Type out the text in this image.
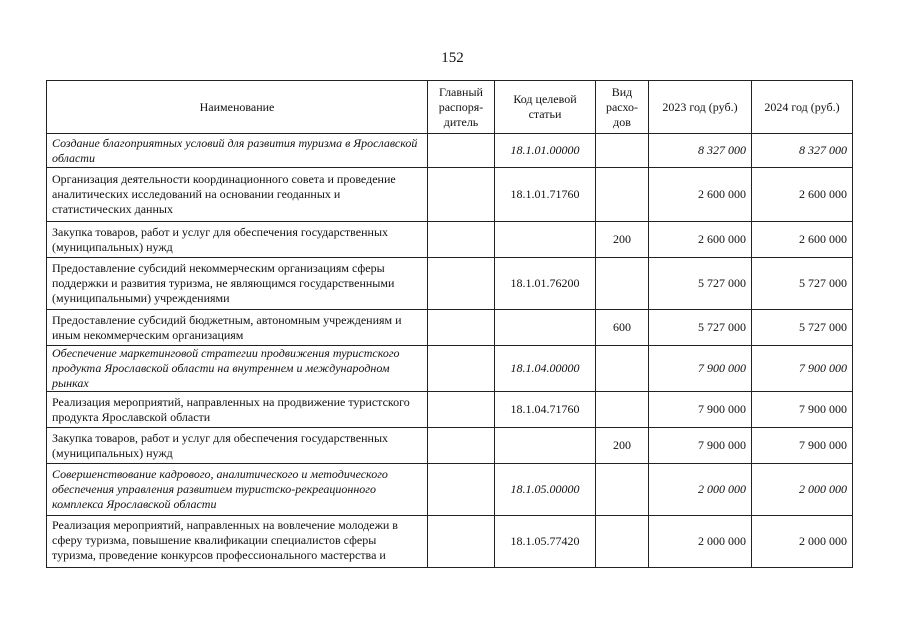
152
Наименование	Главный распоря- дитель	Код целевой статьи	Вид расхо- дов	2023 год (руб.)	2024 год (руб.)
Создание благоприятных условий для развития туризма в Ярославской области		18.1.01.00000		8 327 000	8 327 000
Организация деятельности координационного совета и проведение аналитических исследований на основании геоданных и статистических данных		18.1.01.71760		2 600 000	2 600 000
Закупка товаров, работ и услуг для обеспечения государственных (муниципальных) нужд			200	2 600 000	2 600 000
Предоставление субсидий некоммерческим организациям сферы поддержки и развития туризма, не являющимся государственными (муниципальными) учреждениями		18.1.01.76200		5 727 000	5 727 000
Предоставление субсидий бюджетным, автономным учреждениям и иным некоммерческим организациям			600	5 727 000	5 727 000
Обеспечение маркетинговой стратегии продвижения туристского продукта Ярославской области на внутреннем и международном рынках		18.1.04.00000		7 900 000	7 900 000
Реализация мероприятий, направленных на продвижение туристского продукта Ярославской области		18.1.04.71760		7 900 000	7 900 000
Закупка товаров, работ и услуг для обеспечения государственных (муниципальных) нужд			200	7 900 000	7 900 000
Совершенствование кадрового, аналитического и методического обеспечения управления развитием туристско-рекреационного комплекса Ярославской области		18.1.05.00000		2 000 000	2 000 000
Реализация мероприятий, направленных на вовлечение молодежи в сферу туризма, повышение квалификации специалистов сферы туризма, проведение конкурсов профессионального мастерства и		18.1.05.77420		2 000 000	2 000 000
